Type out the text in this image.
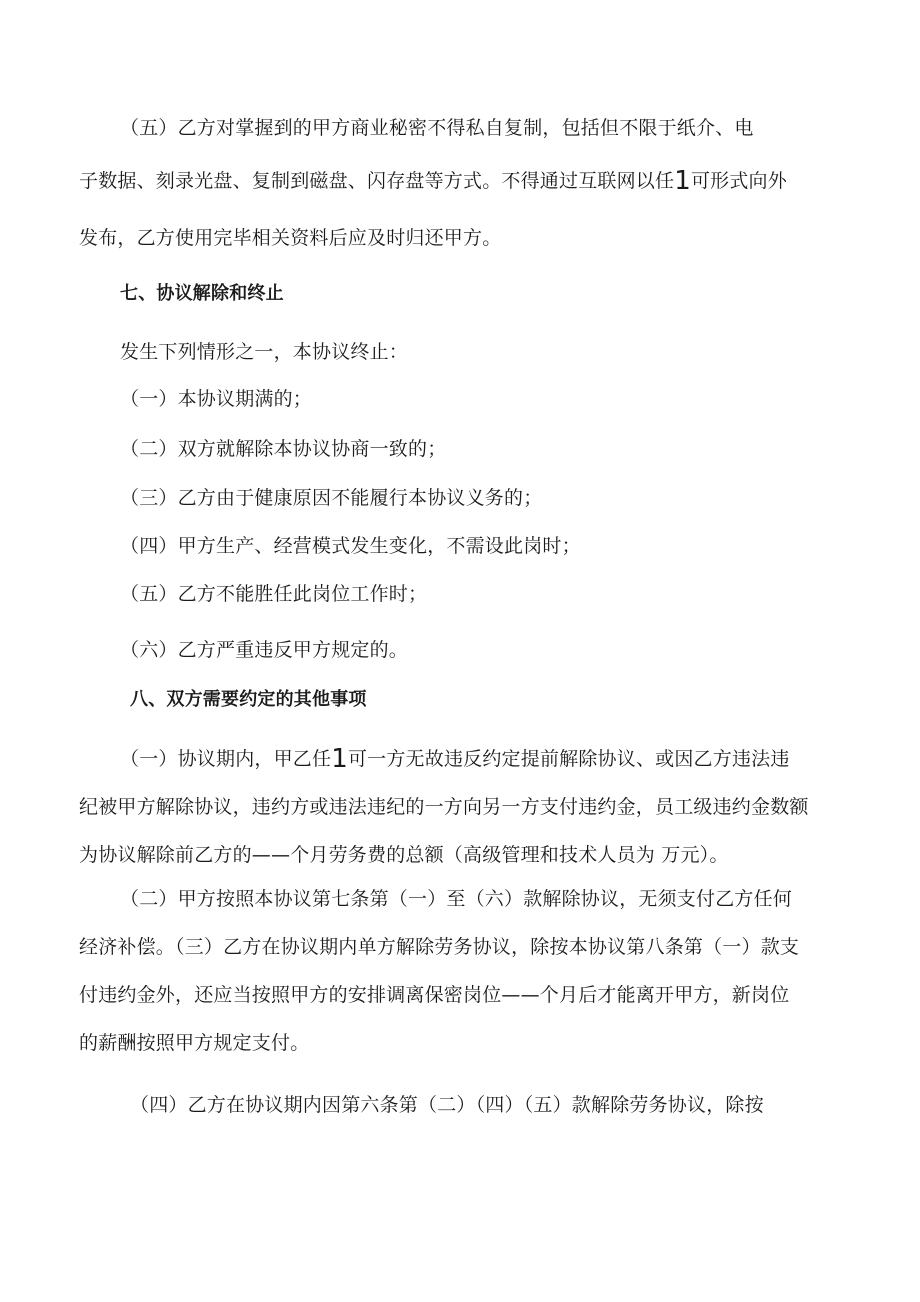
（五）乙方对掌握到的甲方商业秘密不得私自复制，包括但不限于纸介、电
子数据、刻录光盘、复制到磁盘、闪存盘等方式。不得通过互联网以任1可形式向外
发布，乙方使用完毕相关资料后应及时归还甲方。
七、协议解除和终止
发生下列情形之一，本协议终止：
（一）本协议期满的；
（二）双方就解除本协议协商一致的；
（三）乙方由于健康原因不能履行本协议义务的；
（四）甲方生产、经营模式发生变化，不需设此岗时；
（五）乙方不能胜任此岗位工作时；
（六）乙方严重违反甲方规定的。
八、双方需要约定的其他事项
（一）协议期内，甲乙任1可一方无故违反约定提前解除协议、或因乙方违法违
纪被甲方解除协议，违约方或违法违纪的一方向另一方支付违约金，员工级违约金数额
为协议解除前乙方的——个月劳务费的总额（高级管理和技术人员为 万元）。
（二）甲方按照本协议第七条第（一）至（六）款解除协议，无须支付乙方任何
经济补偿。（三）乙方在协议期内单方解除劳务协议，除按本协议第八条第（一）款支
付违约金外，还应当按照甲方的安排调离保密岗位——个月后才能离开甲方，新岗位
的薪酬按照甲方规定支付。
（四）乙方在协议期内因第六条第（二）（四）（五）款解除劳务协议，除按
